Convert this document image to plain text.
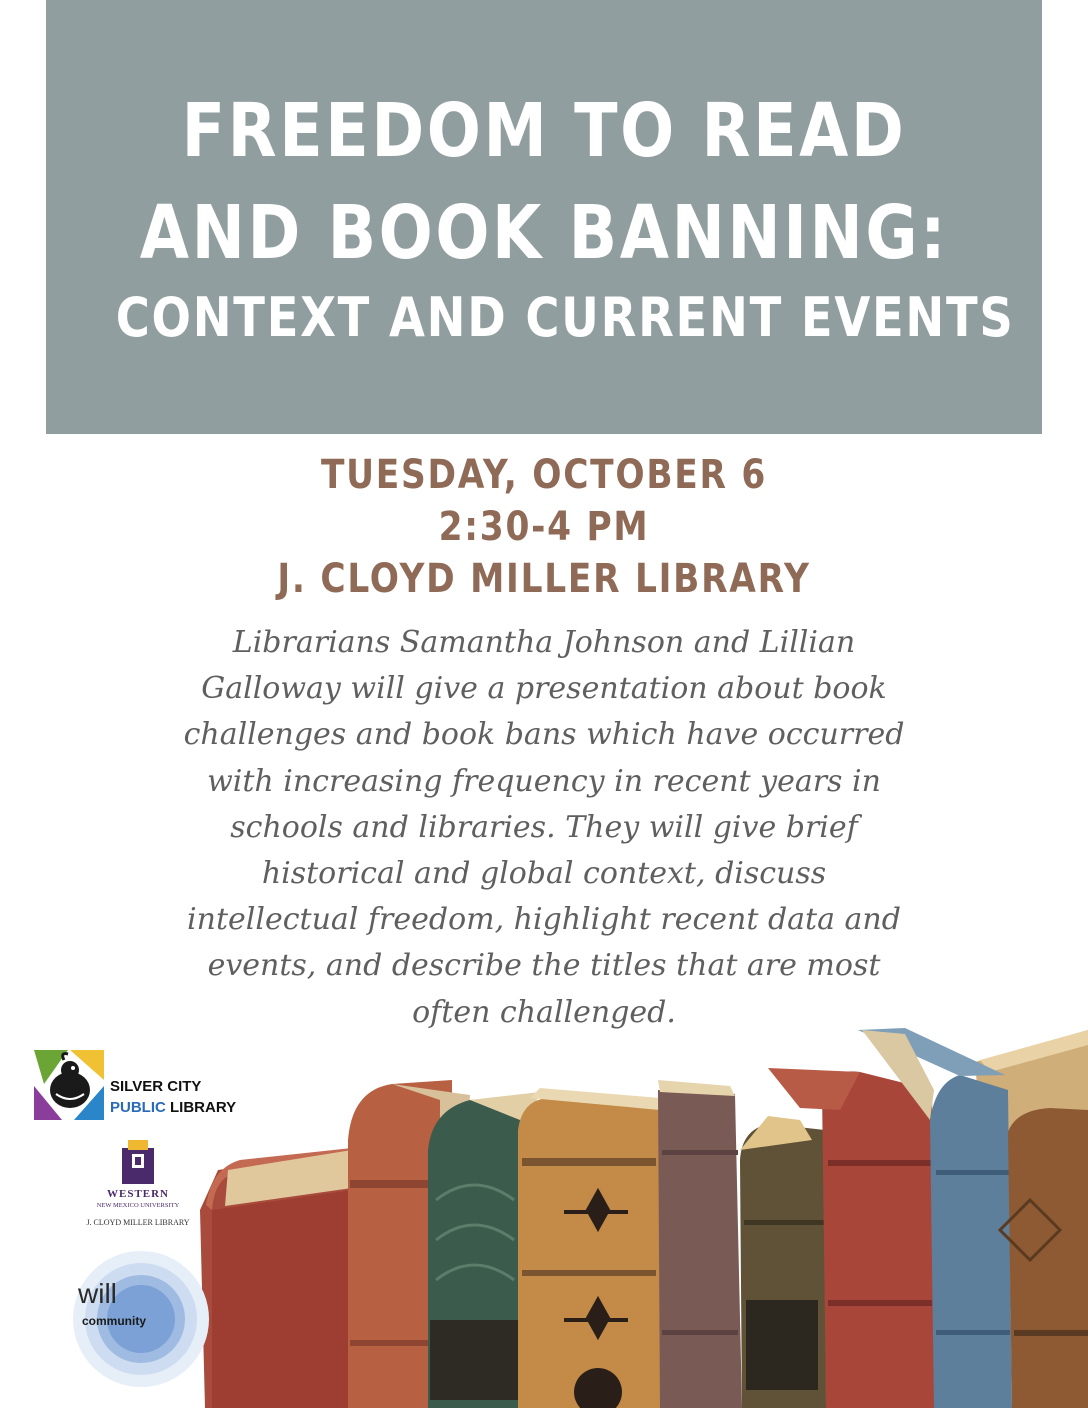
FREEDOM TO READ
AND BOOK BANNING:
CONTEXT AND CURRENT EVENTS
TUESDAY, OCTOBER 6
2:30-4 PM
J. CLOYD MILLER LIBRARY
Librarians Samantha Johnson and Lillian
Galloway will give a presentation about book
challenges and book bans which have occurred
with increasing frequency in recent years in
schools and libraries. They will give brief
historical and global context, discuss
intellectual freedom, highlight recent data and
events, and describe the titles that are most
often challenged.
SILVER CITY
PUBLIC LIBRARY
WESTERN
NEW MEXICO UNIVERSITY
J. CLOYD MILLER LIBRARY
will
community
